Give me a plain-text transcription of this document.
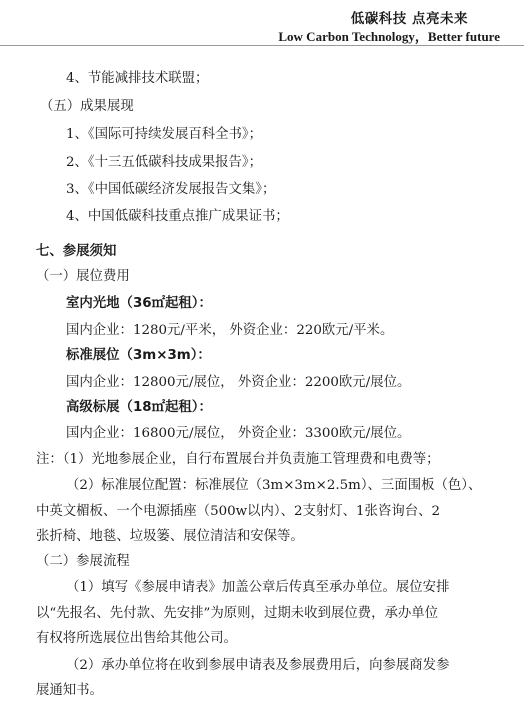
低碳科技 点亮未来
Low Carbon Technology，Better future
4、节能减排技术联盟；
（五）成果展现
1、《国际可持续发展百科全书》；
2、《十三五低碳科技成果报告》；
3、《中国低碳经济发展报告文集》；
4、中国低碳科技重点推广成果证书；
七、参展须知
（一）展位费用
室内光地（36㎡起租）：
国内企业：1280元/平米， 外资企业：220欧元/平米。
标准展位（3m×3m）：
国内企业：12800元/展位， 外资企业：2200欧元/展位。
高级标展（18㎡起租）：
国内企业：16800元/展位， 外资企业：3300欧元/展位。
注：（1）光地参展企业，自行布置展台并负责施工管理费和电费等；
（2）标准展位配置：标准展位（3m×3m×2.5m）、三面围板（色）、
中英文楣板、一个电源插座（500w以内）、2支射灯、1张咨询台、2
张折椅、地毯、垃圾篓、展位清洁和安保等。
（二）参展流程
（1）填写《参展申请表》加盖公章后传真至承办单位。展位安排
以“先报名、先付款、先安排”为原则，过期未收到展位费，承办单位
有权将所选展位出售给其他公司。
（2）承办单位将在收到参展申请表及参展费用后，向参展商发参
展通知书。
